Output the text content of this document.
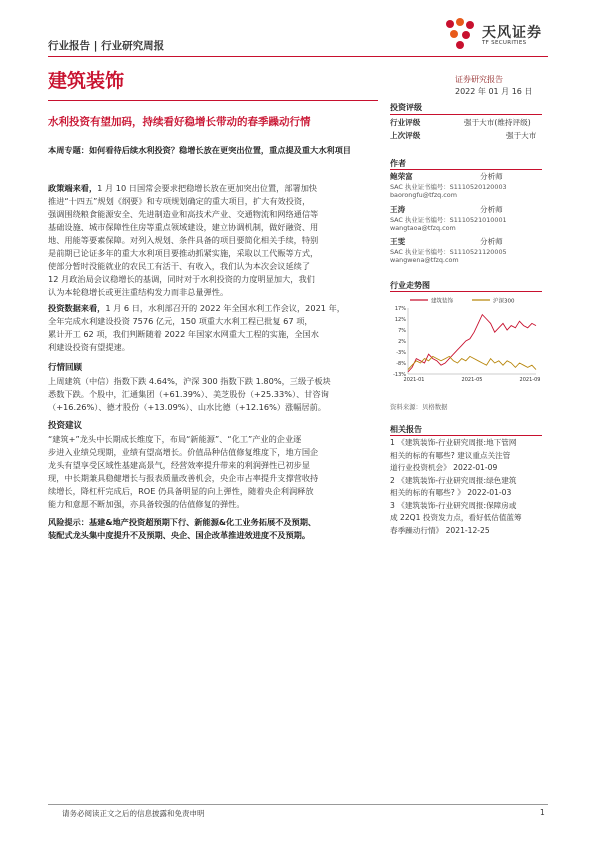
行业报告 | 行业研究周报
天风证券
TF SECURITIES
建筑装饰	证券研究报告
2022 年 01 月 16 日
水利投资有望加码，持续看好稳增长带动的春季躁动行情
本周专题：如何看待后续水利投资？稳增长放在更突出位置，重点提及重大水利项目
政策端来看，1 月 10 日国常会要求把稳增长放在更加突出位置，部署加快
推进“十四五”规划《纲要》和专项规划确定的重大项目，扩大有效投资，
强调围绕粮食能源安全、先进制造业和高技术产业、交通物流和网络通信等
基础设施、城市保障性住房等重点领域建设，建立协调机制，做好融资、用
地、用能等要素保障。对列入规划、条件具备的项目要简化相关手续，特别
是前期已论证多年的重大水利项目要推动抓紧实施，采取以工代赈等方式，
使部分暂时没能就业的农民工有活干、有收入，我们认为本次会议延续了
12 月政治局会议稳增长的基调，同时对于水利投资的力度明显加大，我们
认为本轮稳增长或更注重结构发力而非总量弹性。
投资数据来看，1 月 6 日，水利部召开的 2022 年全国水利工作会议，2021 年，
全年完成水利建设投资 7576 亿元，150 项重大水利工程已批复 67 项，
累计开工 62 项，我们判断随着 2022 年国家水网重大工程的实施，全国水
利建设投资有望提速。
行情回顾
上周建筑（中信）指数下跌 4.64%，沪深 300 指数下跌 1.80%，三级子板块
悉数下跌。个股中，汇通集团（+61.39%）、美芝股份（+25.33%）、甘咨询
（+16.26%）、德才股份（+13.09%）、山水比德（+12.16%）涨幅居前。
投资建议
“建筑+”龙头中长期成长维度下，布局“新能源”、“化工”产业的企业逐
步进入业绩兑现期，业绩有望高增长。价值品种估值修复维度下，地方国企
龙头有望享受区域性基建高景气，经营效率提升带来的利润弹性已初步显
现，中长期兼具稳健增长与报表质量改善机会，央企市占率提升支撑营收持
续增长，降杠杆完成后，ROE 仍具备明显的向上弹性，随着央企利润释放
能力和意愿不断加强，亦具备较强的估值修复的弹性。
风险提示：基建&地产投资超预期下行、新能源&化工业务拓展不及预期、
装配式龙头集中度提升不及预期、央企、国企改革推进效进度不及预期。
投资评级
行业评级	强于大市(维持评级)
上次评级	强于大市
作者
鲍荣富	分析师
SAC 执业证书编号：S1110520120003
baorongfu@tfzq.com
王涛	分析师
SAC 执业证书编号：S1110521010001
wangtaoa@tfzq.com
王雯	分析师
SAC 执业证书编号：S1110521120005
wangwena@tfzq.com
行业走势图
建筑装饰	沪深300
17%
12%
7%
2%
-3%
-8%
-13%
2021-01	2021-05	2021-09
资料来源：贝格数据
相关报告
1 《建筑装饰-行业研究周报:地下管网
相关的标的有哪些? 建议重点关注管
道行业投资机会》 2022-01-09
2 《建筑装饰-行业研究周报:绿色建筑
相关的标的有哪些? 》 2022-01-03
3 《建筑装饰-行业研究周报:保障房或
成 22Q1 投资发力点，看好低估值蓝筹
春季躁动行情》 2021-12-25
请务必阅读正文之后的信息披露和免责申明	1
